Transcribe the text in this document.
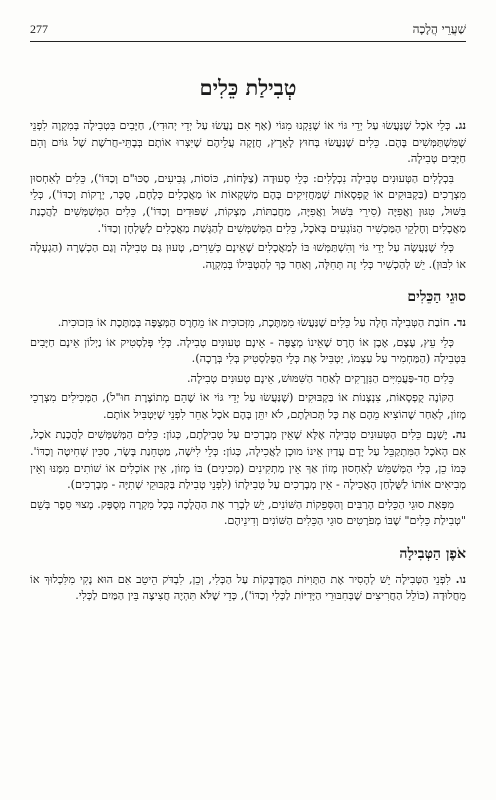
277	שַׁעֲרֵי הֲלָכָה
טְבִילַת כֵּלִים

נג. כְּלֵי אֹכֶל שֶׁנַּעֲשׂוּ עַל יְדֵי גּוֹי אוֹ שֶׁנִּקְנוּ מִגּוֹי (אַף אִם נַעֲשׂוּ עַל יְדֵי יְהוּדִי), חַיָּבִים בִּטְבִילָה בְּמִקְוֶה לִפְנֵי שֶׁמִּשְׁתַּמְּשִׁים בָּהֶם. כֵּלִים שֶׁנַּעֲשׂוּ בְּחוּץ לָאָרֶץ, חֲזָקָה עֲלֵיהֶם שֶׁיִּצְרוּ אוֹתָם בְּבָתֵּי-חֲרֹשֶׁת שֶׁל גּוֹיִם וְהֵם חַיָּבִים טְבִילָה.

בִּכְלָלִים הַטְּעוּנִים טְבִילָה נִכְלָלִים: כְּלֵי סְעוּדָה (צַלָּחוֹת, כּוֹסוֹת, גְּבִיעִים, סַכּוּ"ם וְכַדּוֹ'), כֵּלִים לְאִחְסוּן מִצְרָכִים (בַּקְבּוּקִים אוֹ קֻפְסָאוֹת שֶׁמַּחֲזִיקִים בָּהֶם מַשְׁקָאוֹת אוֹ מַאֲכָלִים כְּלֶחֶם, סֻכָּר, יְרָקוֹת וְכַדּוֹ'), כְּלֵי בִּשּׁוּל, טִגּוּן וַאֲפִיָּה (סִירֵי בִּשּׁוּל וַאֲפִיָּה, מַחֲבַתּוֹת, מַצְקוֹת, שַׁפּוּדִים וְכַדּוֹ'), כֵּלִים הַמְּשַׁמְּשִׁים לַהֲכָנַת מַאֲכָלִים וְחֶלְקֵי הַמַּכְשִׁיר הַנּוֹגְעִים בָּאֹכֶל, כֵּלִים הַמְּשַׁמְּשִׁים לְהַגָּשַׁת מַאֲכָלִים לַשֻּׁלְחָן וְכַדּוֹ'.

כְּלִי שֶׁנַּעֲשָׂה עַל יְדֵי גּוֹי וְהִשְׁתַּמְּשׁוּ בּוֹ לְמַאֲכָלִים שֶׁאֵינָם כְּשֵׁרִים, טָעוּן גַּם טְבִילָה וְגַם הַכְשָׁרָה (הַגְעָלָה אוֹ לִבּוּן). יֵשׁ לְהַכְשִׁיר כְּלִי זֶה תְּחִלָּה, וְאַחַר כָּךְ לְהַטְבִּילוֹ בְּמִקְוֶה.

סוּגֵי הַכֵּלִים

נד. חוֹבַת הַטְּבִילָה חָלָה עַל כֵּלִים שֶׁנַּעֲשׂוּ מִמַּתֶּכֶת, מִזְּכוּכִית אוֹ מֵחֶרֶס הַמְּצֻפֶּה בְּמַתֶּכֶת אוֹ בִּזְכוּכִית.

כְּלֵי עֵץ, עֶצֶם, אֶבֶן אוֹ חֶרֶס שֶׁאֵינוֹ מְצֻפֶּה - אֵינָם טְעוּנִים טְבִילָה. כְּלֵי פְּלַסְטִיק אוֹ נַיְלוֹן אֵינָם חַיָּבִים בִּטְבִילָה (הַמַּחְמִיר עַל עַצְמוֹ, יַטְבִּיל אֶת כְּלֵי הַפְּלַסְטִיק בְּלִי בְּרָכָה).

כֵּלִים חַד-פַּעֲמִיִּים הַנִּזְרָקִים לְאַחַר הַשִּׁמּוּשׁ, אֵינָם טְעוּנִים טְבִילָה.

הַקּוֹנֶה קֻפְסָאוֹת, צִנְצָנוֹת אוֹ בַּקְבּוּקִים (שֶׁנַּעֲשׂוּ עַל יְדֵי גּוֹי אוֹ שֶׁהֵם מְתוֹצֶרֶת חוּ"ל), הַמְּכִילִים מִצְרְכֵי מָזוֹן, לְאַחַר שֶׁהוֹצִיא מֵהֶם אֶת כָּל תְּכוּלָתָם, לֹא יִתֵּן בָּהֶם אֹכֶל אַחֵר לִפְנֵי שֶׁיַּטְבִּיל אוֹתָם.

נה. יֶשְׁנָם כֵּלִים הַטְּעוּנִים טְבִילָה אֶלָּא שֶׁאֵין מְבָרְכִים עַל טְבִילָתָם, כְּגוֹן: כֵּלִים הַמְּשַׁמְּשִׁים לַהֲכָנַת אֹכֶל, אִם הָאֹכֶל הַמִּתְקַבֵּל עַל יָדָם עֲדַיִן אֵינוֹ מוּכָן לַאֲכִילָה, כְּגוֹן: כְּלֵי לִישָׁה, מַטְחֵנַת בָּשָׂר, סַכִּין שְׁחִיטָה וְכַדּוֹ'. כְּמוֹ כֵן, כְּלִי הַמְּשַׁמֵּשׁ לְאִחְסוּן מָזוֹן אַךְ אֵין מַתְקִינִים (מְכִינִים) בּוֹ מָזוֹן, אֵין אוֹכְלִים אוֹ שׁוֹתִים מִמֶּנּוּ וְאֵין מְבִיאִים אוֹתוֹ לַשֻּׁלְחַן הָאֲכִילָה - אֵין מְבָרְכִים עַל טְבִילָתוֹ (לִפְנֵי טְבִילַת בַּקְבּוּקֵי שְׁתִיָּה - מְבָרְכִים).

מִפְּאַת סוּגֵי הַכֵּלִים הָרַבִּים וְהַסְּפֵקוֹת הַשּׁוֹנִים, יֵשׁ לְבָרֵר אֶת הַהֲלָכָה בְּכָל מִקְרֶה מְסֻפָּק. מָצוּי סֵפֶר בְּשֵׁם "טְבִילַת כֵּלִים" שֶׁבּוֹ מְפֹרָטִים סוּגֵי הַכֵּלִים הַשּׁוֹנִים וְדִינֵיהֶם.

אֹפֶן הַטְּבִילָה

נו. לִפְנֵי הַטְּבִילָה יֵשׁ לְהָסִיר אֶת הַתָּוִיּוֹת הַמֻּדְבָּקוֹת עַל הַכְּלִי, וְכֵן, לִבְדֹּק הֵיטֵב אִם הוּא נָקִי מִלִּכְלוּךְ אוֹ מֵחֲלוּדָה (כּוֹלֵל הַחֲרִיצִים שֶׁבְּחִבּוּרֵי הַיָּדִיּוֹת לַכְּלִי וְכַדּוֹ'), כְּדֵי שֶׁלֹּא תִּהְיֶה חֲצִיצָה בֵּין הַמַּיִם לַכְּלִי.
